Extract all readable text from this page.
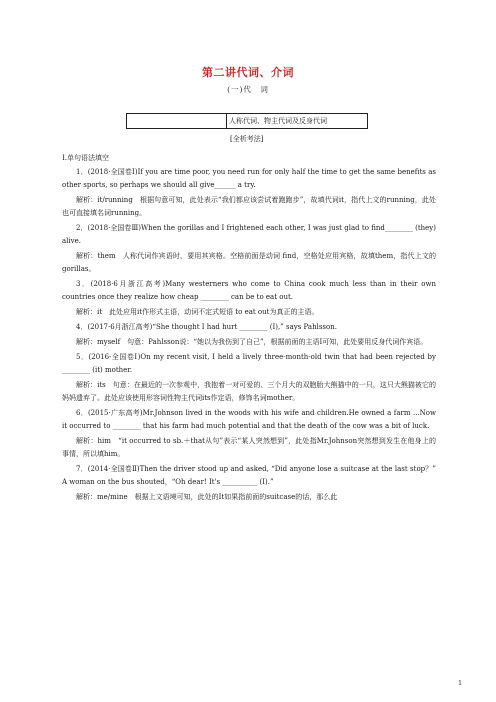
第二讲代词、介词
(一)代　词
人称代词、物主代词及反身代词
[全析考法]
Ⅰ.单句语法填空

1．(2018·全国卷Ⅰ)If you are time poor, you need run for only half the time to get the same benefits as other sports, so perhaps we should all give______ a try.

解析：it/running　根据句意可知，此处表示“我们都应该尝试着跑跑步”，故填代词it，指代上文的running，此处也可直接填名词running。

2．(2018·全国卷Ⅲ)When the gorillas and I frightened each other, I was just glad to find________ (they) alive.

解析：them　人称代词作宾语时，要用其宾格。空格前面是动词 find，空格处应用宾格，故填them，指代上文的gorillas。

3．(2018·6月浙江高考)Many westerners who come to China cook much less than in their own countries once they realize how cheap ________ can be to eat out.

解析：it　此处应用it作形式主语，动词不定式短语 to eat out为真正的主语。

4．(2017·6月浙江高考)“She thought I had hurt ________ (I),” says Pahlsson.

解析：myself　句意：Pahlsson说：“她以为我伤到了自己”，根据前面的主语I可知，此处要用反身代词作宾语。

5．(2016·全国卷Ⅰ)On my recent visit, I held a lively three-month-old twin that had been rejected by ________ (it) mother.

解析：its　句意：在最近的一次参观中，我抱着一对可爱的、三个月大的双胞胎大熊猫中的一只，这只大熊猫被它的妈妈遗弃了。此处应该使用形容词性物主代词its作定语，修饰名词mother。

6．(2015·广东高考)Mr.Johnson lived in the woods with his wife and children.He owned a farm ...Now it occurred to ________ that his farm had much potential and that the death of the cow was a bit of luck.

解析：him　“it occurred to sb.＋that从句”表示“某人突然想到”，此处指Mr.Johnson突然想到发生在他身上的事情，所以填him。

7．(2014·全国卷Ⅱ)Then the driver stood up and asked, “Did anyone lose a suitcase at the last stop？” A woman on the bus shouted，“Oh dear! It's __________ (I).”

解析：me/mine　根据上文语境可知，此处的It如果指前面的suitcase的话，那么此

1
